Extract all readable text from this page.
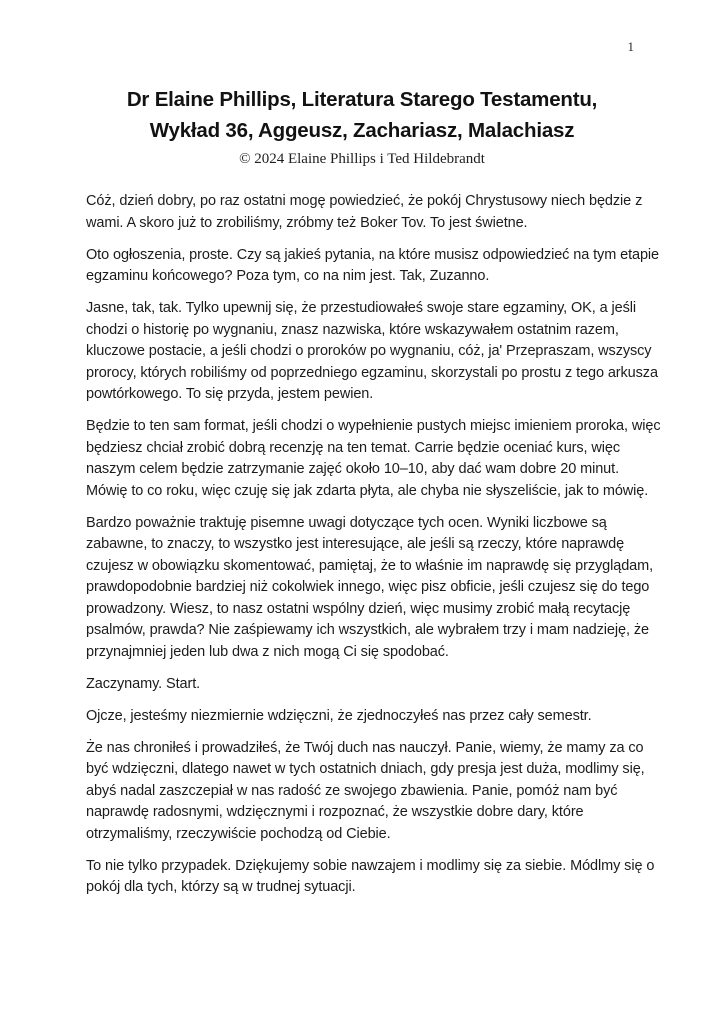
1
Dr Elaine Phillips, Literatura Starego Testamentu,
Wykład 36, Aggeusz, Zachariasz, Malachiasz
© 2024 Elaine Phillips i Ted Hildebrandt

Cóż, dzień dobry, po raz ostatni mogę powiedzieć, że pokój Chrystusowy niech będzie z wami. A skoro już to zrobiliśmy, zróbmy też Boker Tov. To jest świetne.

Oto ogłoszenia, proste. Czy są jakieś pytania, na które musisz odpowiedzieć na tym etapie egzaminu końcowego? Poza tym, co na nim jest. Tak, Zuzanno.

Jasne, tak, tak. Tylko upewnij się, że przestudiowałeś swoje stare egzaminy, OK, a jeśli chodzi o historię po wygnaniu, znasz nazwiska, które wskazywałem ostatnim razem, kluczowe postacie, a jeśli chodzi o proroków po wygnaniu, cóż, ja' Przepraszam, wszyscy prorocy, których robiliśmy od poprzedniego egzaminu, skorzystali po prostu z tego arkusza powtórkowego. To się przyda, jestem pewien.

Będzie to ten sam format, jeśli chodzi o wypełnienie pustych miejsc imieniem proroka, więc będziesz chciał zrobić dobrą recenzję na ten temat. Carrie będzie oceniać kurs, więc naszym celem będzie zatrzymanie zajęć około 10–10, aby dać wam dobre 20 minut. Mówię to co roku, więc czuję się jak zdarta płyta, ale chyba nie słyszeliście, jak to mówię.

Bardzo poważnie traktuję pisemne uwagi dotyczące tych ocen. Wyniki liczbowe są zabawne, to znaczy, to wszystko jest interesujące, ale jeśli są rzeczy, które naprawdę czujesz w obowiązku skomentować, pamiętaj, że to właśnie im naprawdę się przyglądam, prawdopodobnie bardziej niż cokolwiek innego, więc pisz obficie, jeśli czujesz się do tego prowadzony. Wiesz, to nasz ostatni wspólny dzień, więc musimy zrobić małą recytację psalmów, prawda? Nie zaśpiewamy ich wszystkich, ale wybrałem trzy i mam nadzieję, że przynajmniej jeden lub dwa z nich mogą Ci się spodobać.

Zaczynamy. Start.

Ojcze, jesteśmy niezmiernie wdzięczni, że zjednoczyłeś nas przez cały semestr.

Że nas chroniłeś i prowadziłeś, że Twój duch nas nauczył. Panie, wiemy, że mamy za co być wdzięczni, dlatego nawet w tych ostatnich dniach, gdy presja jest duża, modlimy się, abyś nadal zaszczepiał w nas radość ze swojego zbawienia. Panie, pomóż nam być naprawdę radosnymi, wdzięcznymi i rozpoznać, że wszystkie dobre dary, które otrzymaliśmy, rzeczywiście pochodzą od Ciebie.

To nie tylko przypadek. Dziękujemy sobie nawzajem i modlimy się za siebie. Módlmy się o pokój dla tych, którzy są w trudnej sytuacji.
